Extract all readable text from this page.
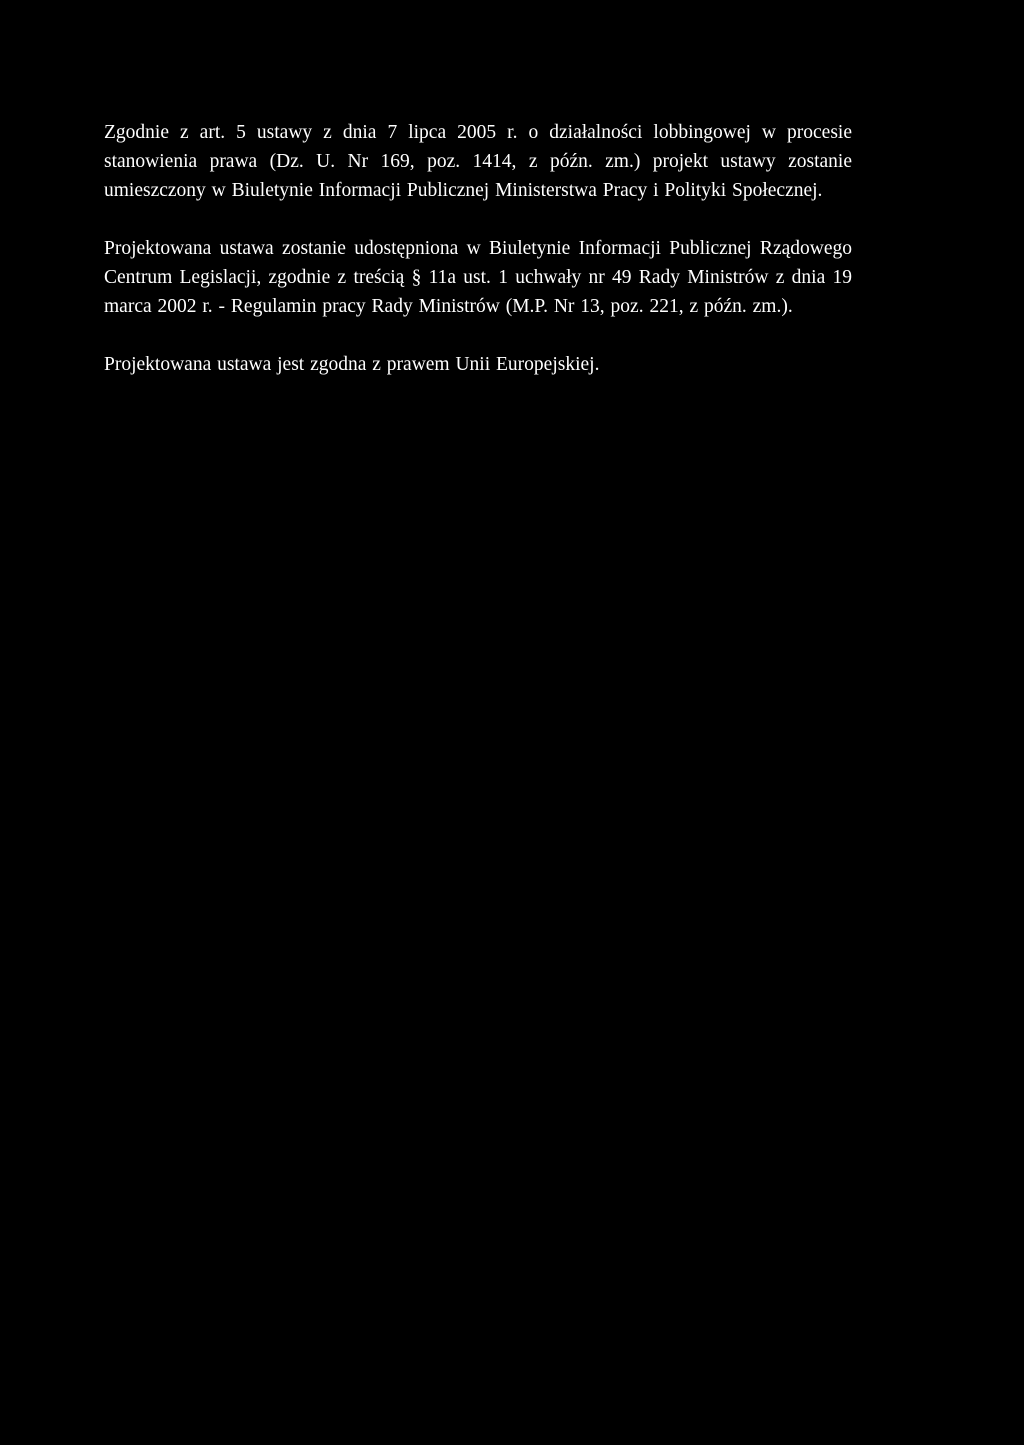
Zgodnie z art. 5 ustawy z dnia 7 lipca 2005 r. o działalności lobbingowej w procesie stanowienia prawa (Dz. U. Nr 169, poz. 1414, z późn. zm.) projekt ustawy zostanie umieszczony w Biuletynie Informacji Publicznej Ministerstwa Pracy i Polityki Społecznej.

Projektowana ustawa zostanie udostępniona w Biuletynie Informacji Publicznej Rządowego Centrum Legislacji, zgodnie z treścią § 11a ust. 1 uchwały nr 49 Rady Ministrów z dnia 19 marca 2002 r. - Regulamin pracy Rady Ministrów (M.P. Nr 13, poz. 221, z późn. zm.).

Projektowana ustawa jest zgodna z prawem Unii Europejskiej.
